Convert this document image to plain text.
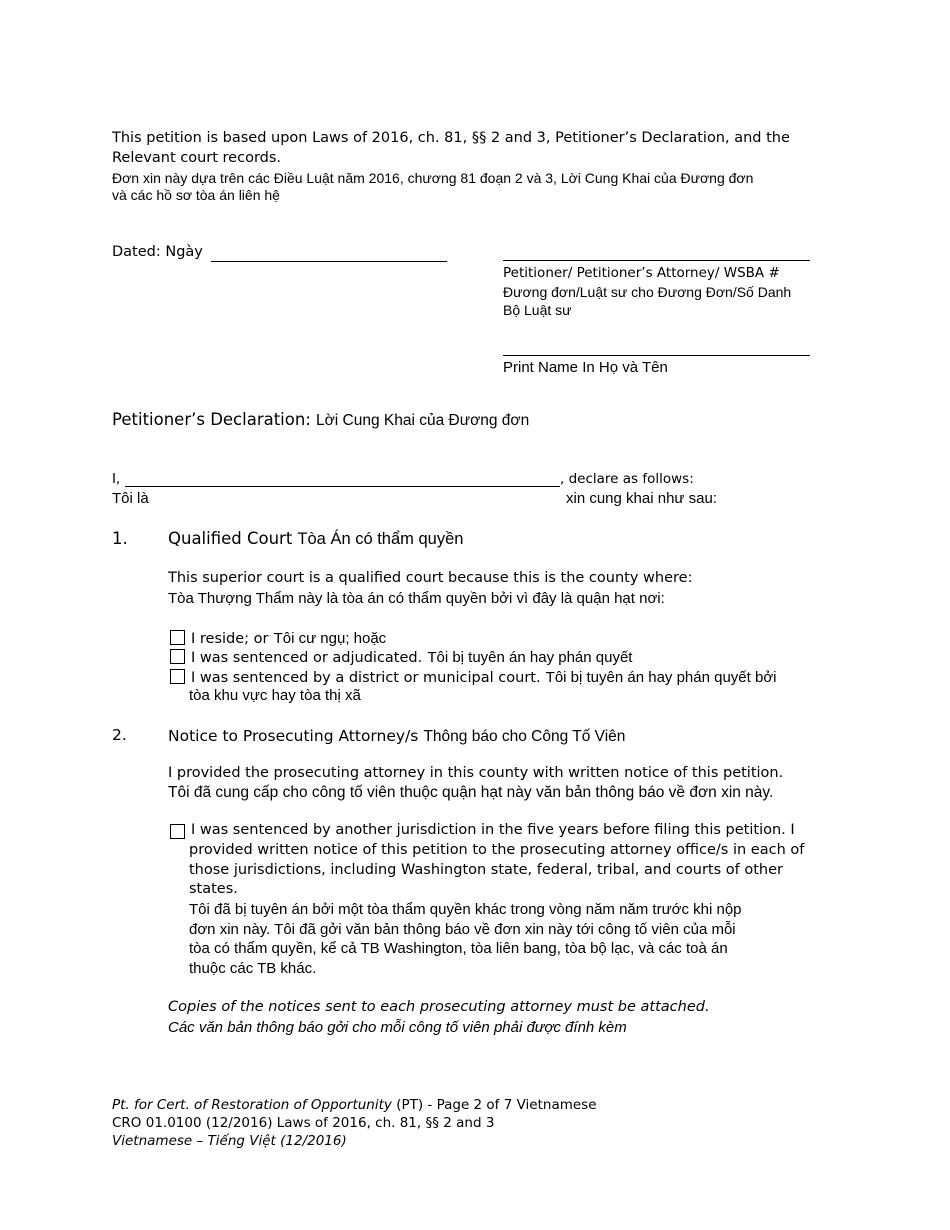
This petition is based upon Laws of 2016, ch. 81, §§ 2 and 3, Petitioner’s Declaration, and the
Relevant court records.
Đơn xin này dựa trên các Điều Luật năm 2016, chương 81 đoạn 2 và 3, Lời Cung Khai của Đương đơn
và các hồ sơ tòa án liên hệ
Dated: Ngày
Petitioner/ Petitioner’s Attorney/ WSBA #
Đương đơn/Luật sư cho Đương Đơn/Số Danh
Bộ Luật sư
Print Name In Họ và Tên
Petitioner’s Declaration: Lời Cung Khai của Đương đơn
I,	, declare as follows:
Tôi là	xin cung khai như sau:
1. Qualified Court Tòa Án có thẩm quyền
This superior court is a qualified court because this is the county where:
Tòa Thượng Thẩm này là tòa án có thẩm quyền bởi vì đây là quận hạt nơi:
I reside; or Tôi cư ngụ; hoặc
I was sentenced or adjudicated. Tôi bị tuyên án hay phán quyết
I was sentenced by a district or municipal court. Tôi bị tuyên án hay phán quyết bởi
tòa khu vực hay tòa thị xã
2.	Notice to Prosecuting Attorney/s Thông báo cho Công Tố Viên
I provided the prosecuting attorney in this county with written notice of this petition.
Tôi đã cung cấp cho công tố viên thuộc quận hạt này văn bản thông báo về đơn xin này.
I was sentenced by another jurisdiction in the five years before filing this petition. I
provided written notice of this petition to the prosecuting attorney office/s in each of
those jurisdictions, including Washington state, federal, tribal, and courts of other
states.
Tôi đã bị tuyên án bởi một tòa thẩm quyền khác trong vòng năm năm trước khi nộp
đơn xin này. Tôi đã gởi văn bản thông báo về đơn xin này tới công tố viên của mỗi
tòa có thẩm quyền, kể cả TB Washington, tòa liên bang, tòa bộ lạc, và các toà án
thuộc các TB khác.
Copies of the notices sent to each prosecuting attorney must be attached.
Các văn bản thông báo gởi cho mỗi công tố viên phải được đính kèm
Pt. for Cert. of Restoration of Opportunity (PT) - Page 2 of 7 Vietnamese
CRO 01.0100 (12/2016) Laws of 2016, ch. 81, §§ 2 and 3
Vietnamese – Tiếng Việt (12/2016)
